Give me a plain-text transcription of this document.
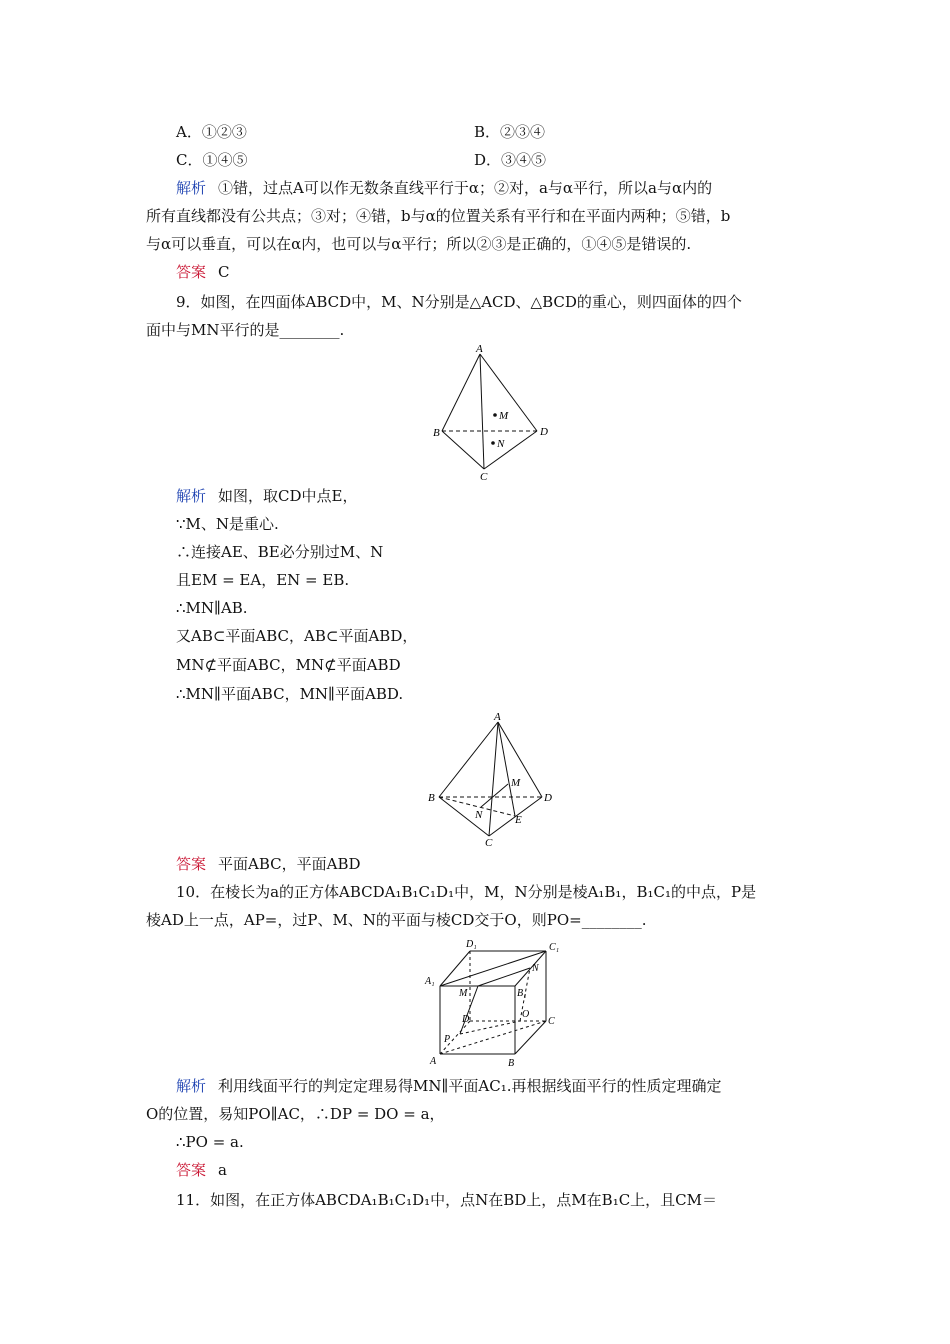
A．①②③	B．②③④
C．①④⑤	D．③④⑤
解析 ①错，过点A可以作无数条直线平行于α；②对，a与α平行，所以a与α内的
所有直线都没有公共点；③对；④错，b与α的位置关系有平行和在平面内两种；⑤错，b
与α可以垂直，可以在α内，也可以与α平行；所以②③是正确的，①④⑤是错误的.
答案 C
9．如图，在四面体ABCD中，M、N分别是△ACD、△BCD的重心，则四面体的四个
面中与MN平行的是________.
A
B
C
D
M
N
解析 如图，取CD中点E，
∵M、N是重心.
∴连接AE、BE必分别过M、N
且EM = EA，EN = EB.
∴MN∥AB.
又AB⊂平面ABC，AB⊂平面ABD，
MN⊄平面ABC，MN⊄平面ABD
∴MN∥平面ABC，MN∥平面ABD.
A
B
C
D
M
N	E
答案 平面ABC，平面ABD
10．在棱长为a的正方体ABCDA₁B₁C₁D₁中，M，N分别是棱A₁B₁，B₁C₁的中点，P是
棱AD上一点，AP=，过P、M、N的平面与棱CD交于O，则PO=________.
D₁	C₁
A₁
B₁
N
M
D	O
C
P
A	B
解析 利用线面平行的判定定理易得MN∥平面AC₁.再根据线面平行的性质定理确定
O的位置，易知PO∥AC，∴DP = DO = a，
∴PO = a.
答案 a
11．如图，在正方体ABCDA₁B₁C₁D₁中，点N在BD上，点M在B₁C上，且CM＝
